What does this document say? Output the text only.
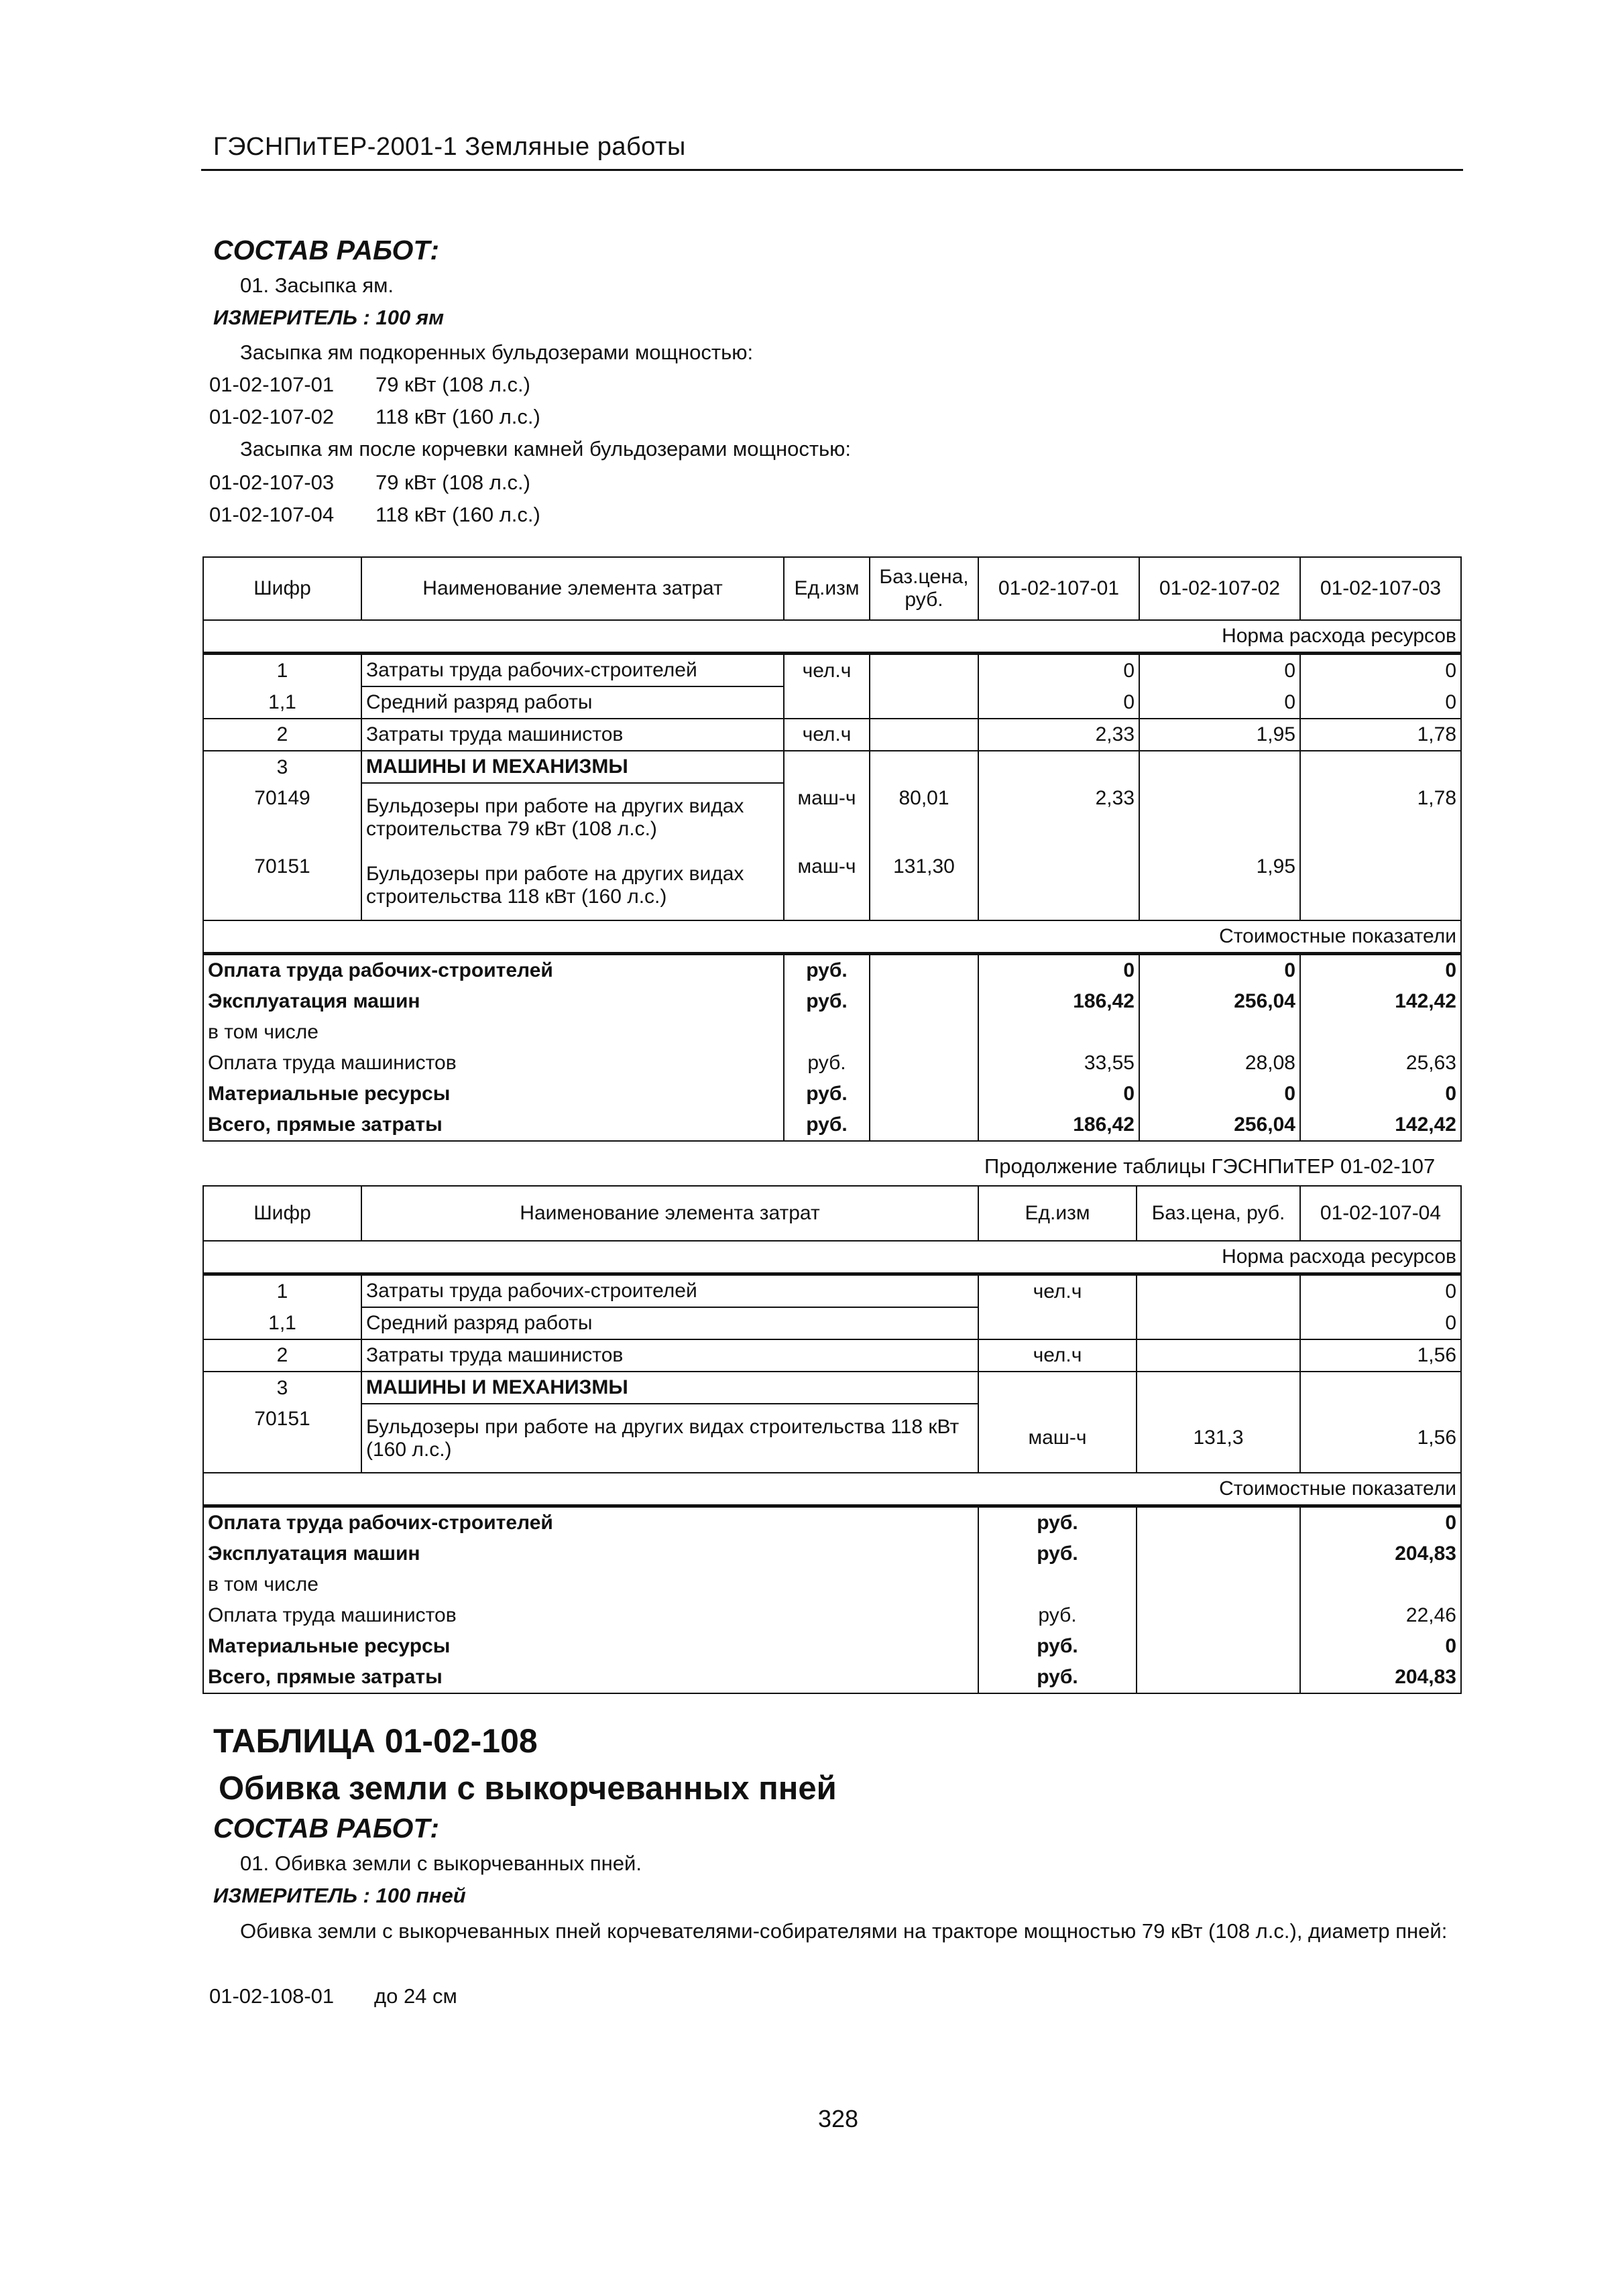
ГЭСНПиТЕР-2001-1 Земляные работы
СОСТАВ РАБОТ:
01. Засыпка ям.
ИЗМЕРИТЕЛЬ : 100 ям
Засыпка ям подкоренных бульдозерами мощностью:
01-02-107-01 79 кВт (108 л.с.)
01-02-107-02 118 кВт (160 л.с.)
Засыпка ям после корчевки камней бульдозерами мощностью:
01-02-107-03 79 кВт (108 л.с.)
01-02-107-04 118 кВт (160 л.с.)
Шифр	Наименование элемента затрат	Ед.изм	Баз.цена, руб.	01-02-107-01	01-02-107-02	01-02-107-03
Норма расхода ресурсов						
1	Затраты труда рабочих-строителей	чел.ч		0	0	0
1,1	Средний разряд работы			0	0	0
2	Затраты труда машинистов	чел.ч		2,33	1,95	1,78
3	МАШИНЫ И МЕХАНИЗМЫ					
70149	Бульдозеры при работе на других видах строительства 79 кВт (108 л.с.)	маш-ч	80,01	2,33		1,78
70151	Бульдозеры при работе на других видах строительства 118 кВт (160 л.с.)	маш-ч	131,30		1,95	
Стоимостные показатели						
Оплата труда рабочих-строителей		руб.		0	0	0
Эксплуатация машин		руб.		186,42	256,04	142,42
в том числе						
Оплата труда машинистов		руб.		33,55	28,08	25,63
Материальные ресурсы		руб.		0	0	0
Всего, прямые затраты		руб.		186,42	256,04	142,42
Продолжение таблицы ГЭСНПиТЕР 01-02-107
Шифр	Наименование элемента затрат	Ед.изм	Баз.цена, руб.	01-02-107-04
Норма расхода ресурсов				
1	Затраты труда рабочих-строителей	чел.ч		0
1,1	Средний разряд работы			0
2	Затраты труда машинистов	чел.ч		1,56
3	МАШИНЫ И МЕХАНИЗМЫ			
70151	Бульдозеры при работе на других видах строительства 118 кВт (160 л.с.)	маш-ч	131,3	1,56
Стоимостные показатели				
Оплата труда рабочих-строителей		руб.		0
Эксплуатация машин		руб.		204,83
в том числе				
Оплата труда машинистов		руб.		22,46
Материальные ресурсы		руб.		0
Всего, прямые затраты		руб.		204,83
ТАБЛИЦА 01-02-108
Обивка земли с выкорчеванных пней
СОСТАВ РАБОТ:
01. Обивка земли с выкорчеванных пней.
ИЗМЕРИТЕЛЬ : 100 пней
Обивка земли с выкорчеванных пней корчевателями-собирателями на тракторе мощностью 79 кВт (108 л.с.), диаметр пней:
01-02-108-01 до 24 см
328
